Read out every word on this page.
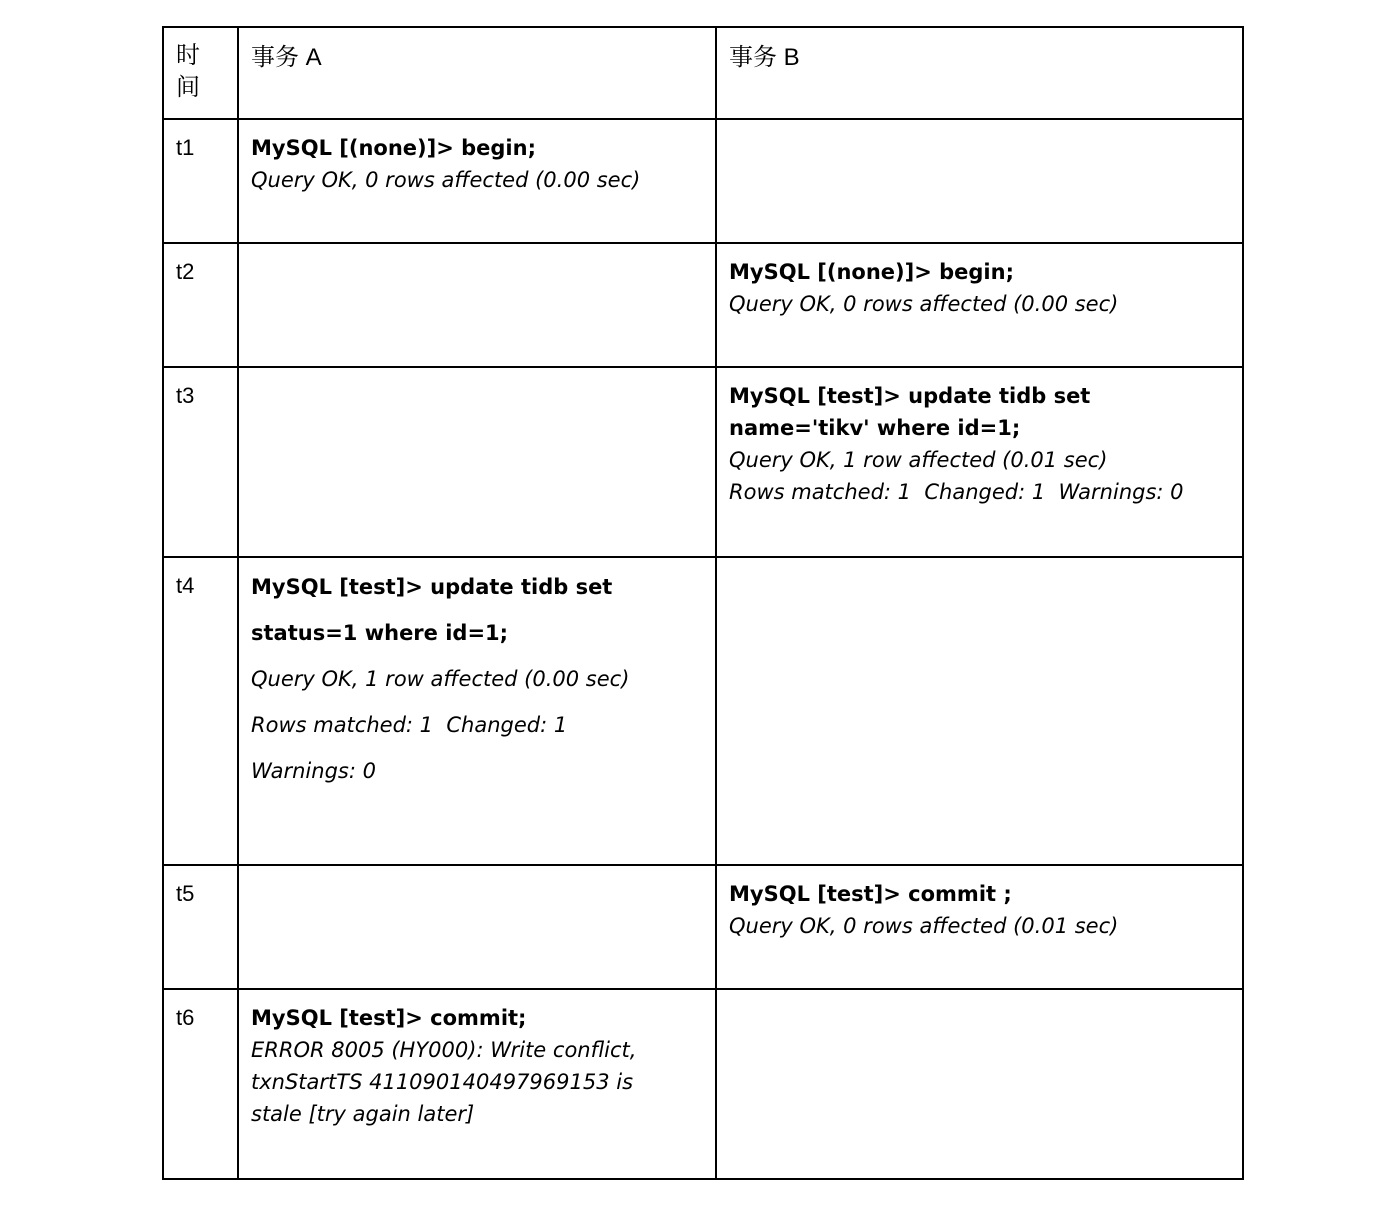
时间	事务 A	事务 B

t1	MySQL [(none)]> begin;
Query OK, 0 rows affected (0.00 sec)	

t2		MySQL [(none)]> begin;
Query OK, 0 rows affected (0.00 sec)

t3		MySQL [test]> update tidb set
name='tikv' where id=1;
Query OK, 1 row affected (0.01 sec)
Rows matched: 1  Changed: 1  Warnings: 0

t4	MySQL [test]> update tidb set
status=1 where id=1;
Query OK, 1 row affected (0.00 sec)
Rows matched: 1  Changed: 1
Warnings: 0	

t5		MySQL [test]> commit ;
Query OK, 0 rows affected (0.01 sec)

t6	MySQL [test]> commit;
ERROR 8005 (HY000): Write conflict,
txnStartTS 411090140497969153 is
stale [try again later]	
